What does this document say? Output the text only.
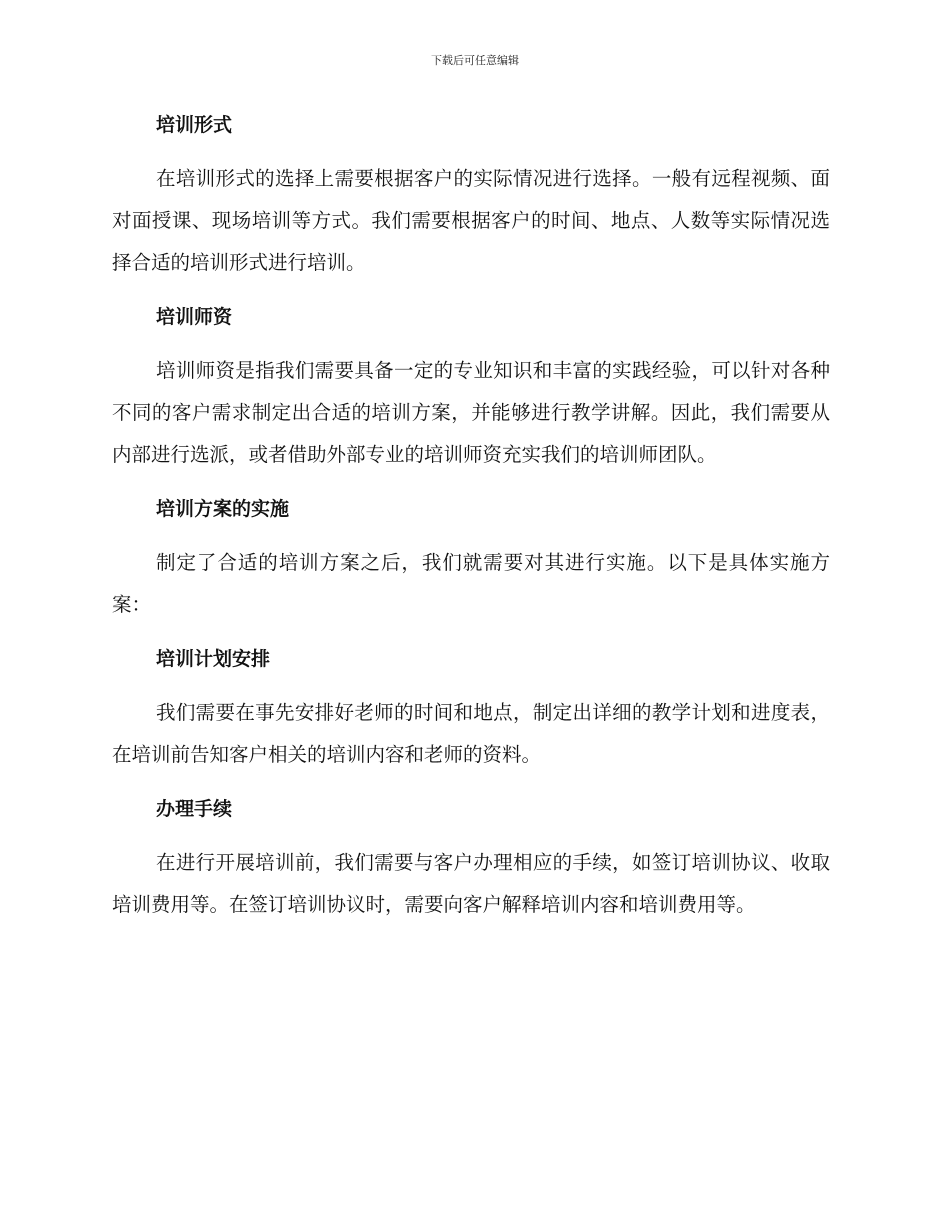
下载后可任意编辑
培训形式

在培训形式的选择上需要根据客户的实际情况进行选择。一般有远程视频、面对面授课、现场培训等方式。我们需要根据客户的时间、地点、人数等实际情况选择合适的培训形式进行培训。

培训师资

培训师资是指我们需要具备一定的专业知识和丰富的实践经验，可以针对各种不同的客户需求制定出合适的培训方案，并能够进行教学讲解。因此，我们需要从内部进行选派，或者借助外部专业的培训师资充实我们的培训师团队。

培训方案的实施

制定了合适的培训方案之后，我们就需要对其进行实施。以下是具体实施方案：

培训计划安排

我们需要在事先安排好老师的时间和地点，制定出详细的教学计划和进度表，在培训前告知客户相关的培训内容和老师的资料。

办理手续

在进行开展培训前，我们需要与客户办理相应的手续，如签订培训协议、收取培训费用等。在签订培训协议时，需要向客户解释培训内容和培训费用等。
